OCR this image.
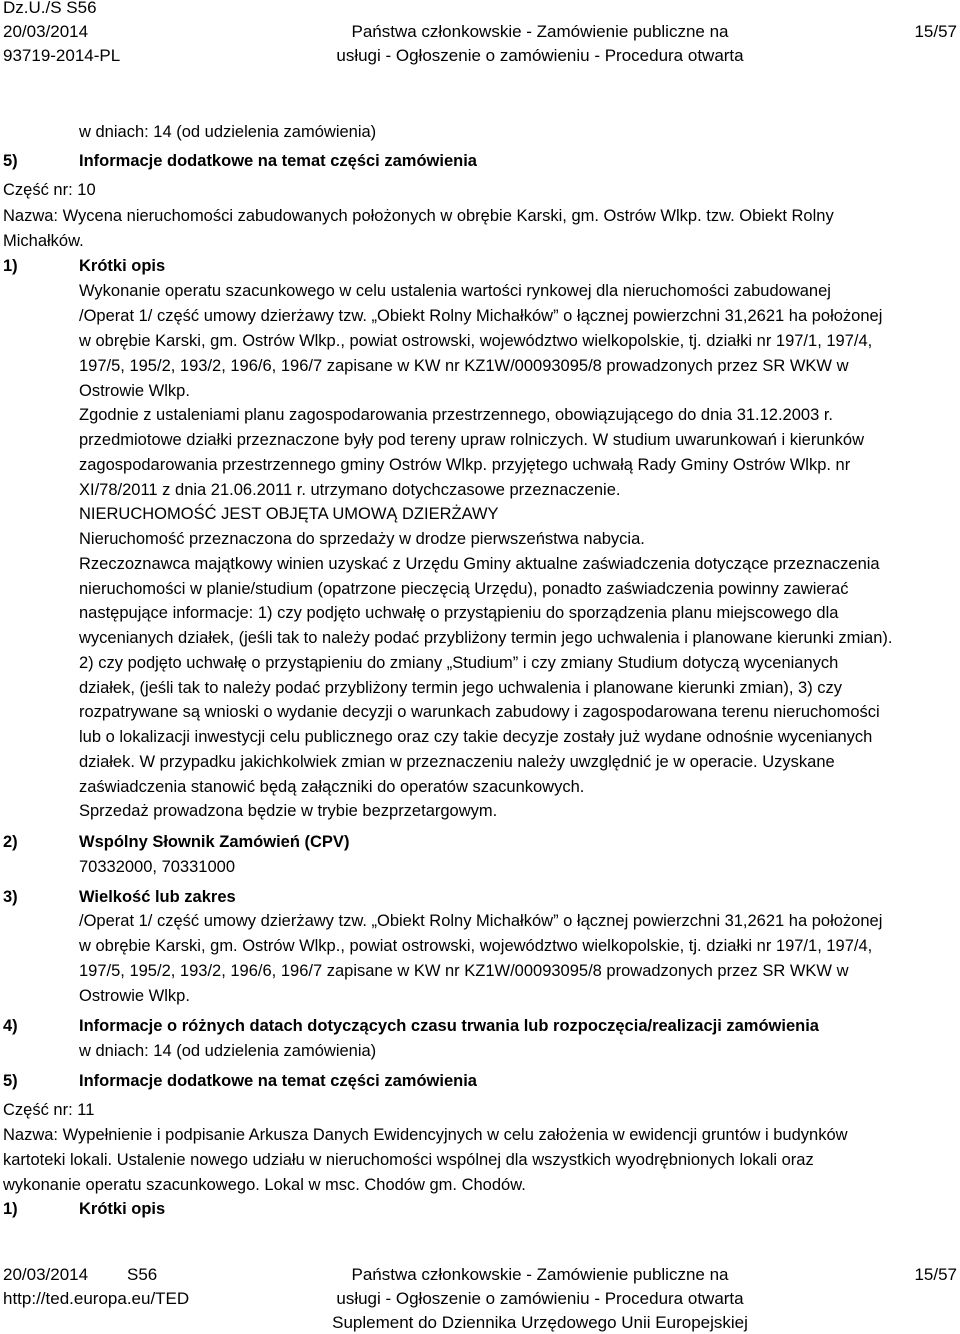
Dz.U./S S56
20/03/2014
93719-2014-PL
Państwa członkowskie - Zamówienie publiczne na
usługi - Ogłoszenie o zamówieniu - Procedura otwarta
15/57
w dniach: 14 (od udzielenia zamówienia)
5)	Informacje dodatkowe na temat części zamówienia
Część nr: 10
Nazwa: Wycena nieruchomości zabudowanych położonych w obrębie Karski, gm. Ostrów Wlkp. tzw. Obiekt Rolny
Michałków.
1)	Krótki opis
Wykonanie operatu szacunkowego w celu ustalenia wartości rynkowej dla nieruchomości zabudowanej
/Operat 1/ część umowy dzierżawy tzw. „Obiekt Rolny Michałków” o łącznej powierzchni 31,2621 ha położonej
w obrębie Karski, gm. Ostrów Wlkp., powiat ostrowski, województwo wielkopolskie, tj. działki nr 197/1, 197/4,
197/5, 195/2, 193/2, 196/6, 196/7 zapisane w KW nr KZ1W/00093095/8 prowadzonych przez SR WKW w
Ostrowie Wlkp.
Zgodnie z ustaleniami planu zagospodarowania przestrzennego, obowiązującego do dnia 31.12.2003 r.
przedmiotowe działki przeznaczone były pod tereny upraw rolniczych. W studium uwarunkowań i kierunków
zagospodarowania przestrzennego gminy Ostrów Wlkp. przyjętego uchwałą Rady Gminy Ostrów Wlkp. nr
XI/78/2011 z dnia 21.06.2011 r. utrzymano dotychczasowe przeznaczenie.
NIERUCHOMOŚĆ JEST OBJĘTA UMOWĄ DZIERŻAWY
Nieruchomość przeznaczona do sprzedaży w drodze pierwszeństwa nabycia.
Rzeczoznawca majątkowy winien uzyskać z Urzędu Gminy aktualne zaświadczenia dotyczące przeznaczenia
nieruchomości w planie/studium (opatrzone pieczęcią Urzędu), ponadto zaświadczenia powinny zawierać
następujące informacje: 1) czy podjęto uchwałę o przystąpieniu do sporządzenia planu miejscowego dla
wycenianych działek, (jeśli tak to należy podać przybliżony termin jego uchwalenia i planowane kierunki zmian).
2) czy podjęto uchwałę o przystąpieniu do zmiany „Studium” i czy zmiany Studium dotyczą wycenianych
działek, (jeśli tak to należy podać przybliżony termin jego uchwalenia i planowane kierunki zmian), 3) czy
rozpatrywane są wnioski o wydanie decyzji o warunkach zabudowy i zagospodarowana terenu nieruchomości
lub o lokalizacji inwestycji celu publicznego oraz czy takie decyzje zostały już wydane odnośnie wycenianych
działek. W przypadku jakichkolwiek zmian w przeznaczeniu należy uwzględnić je w operacie. Uzyskane
zaświadczenia stanowić będą załączniki do operatów szacunkowych.
Sprzedaż prowadzona będzie w trybie bezprzetargowym.
2)	Wspólny Słownik Zamówień (CPV)
70332000, 70331000
3)	Wielkość lub zakres
/Operat 1/ część umowy dzierżawy tzw. „Obiekt Rolny Michałków” o łącznej powierzchni 31,2621 ha położonej
w obrębie Karski, gm. Ostrów Wlkp., powiat ostrowski, województwo wielkopolskie, tj. działki nr 197/1, 197/4,
197/5, 195/2, 193/2, 196/6, 196/7 zapisane w KW nr KZ1W/00093095/8 prowadzonych przez SR WKW w
Ostrowie Wlkp.
4)	Informacje o różnych datach dotyczących czasu trwania lub rozpoczęcia/realizacji zamówienia
w dniach: 14 (od udzielenia zamówienia)
5)	Informacje dodatkowe na temat części zamówienia
Część nr: 11
Nazwa: Wypełnienie i podpisanie Arkusza Danych Ewidencyjnych w celu założenia w ewidencji gruntów i budynków
kartoteki lokali. Ustalenie nowego udziału w nieruchomości wspólnej dla wszystkich wyodrębnionych lokali oraz
wykonanie operatu szacunkowego. Lokal w msc. Chodów gm. Chodów.
1)	Krótki opis
20/03/2014 S56
http://ted.europa.eu/TED
Państwa członkowskie - Zamówienie publiczne na
usługi - Ogłoszenie o zamówieniu - Procedura otwarta
Suplement do Dziennika Urzędowego Unii Europejskiej
15/57
